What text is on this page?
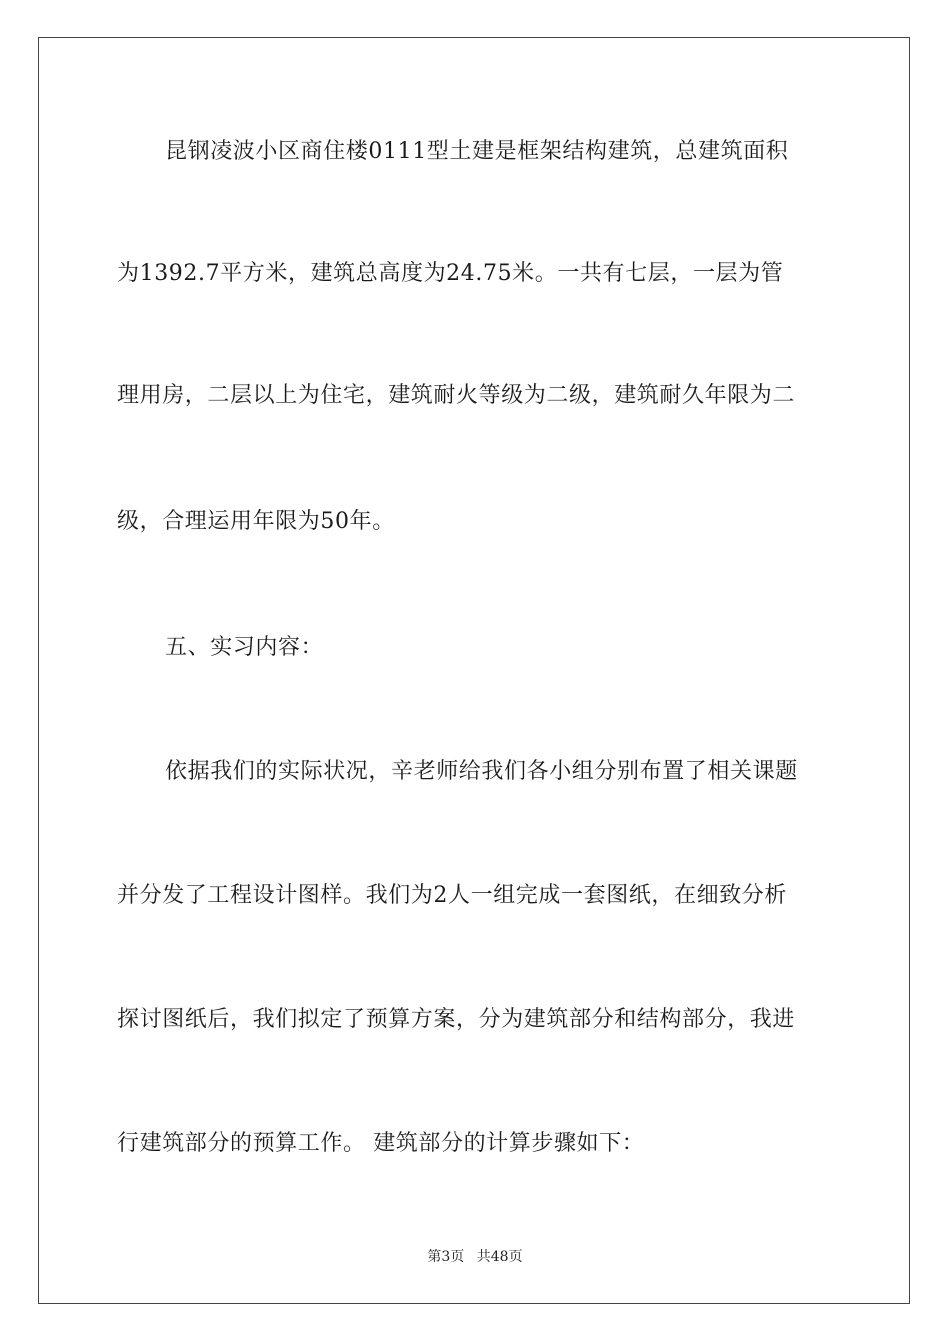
昆钢凌波小区商住楼0111型土建是框架结构建筑，总建筑面积
为1392.7平方米，建筑总高度为24.75米。一共有七层，一层为管
理用房，二层以上为住宅，建筑耐火等级为二级，建筑耐久年限为二
级，合理运用年限为50年。
五、实习内容：
依据我们的实际状况，辛老师给我们各小组分别布置了相关课题
并分发了工程设计图样。我们为2人一组完成一套图纸，在细致分析
探讨图纸后，我们拟定了预算方案，分为建筑部分和结构部分，我进
行建筑部分的预算工作。 建筑部分的计算步骤如下：
第3页 共48页
